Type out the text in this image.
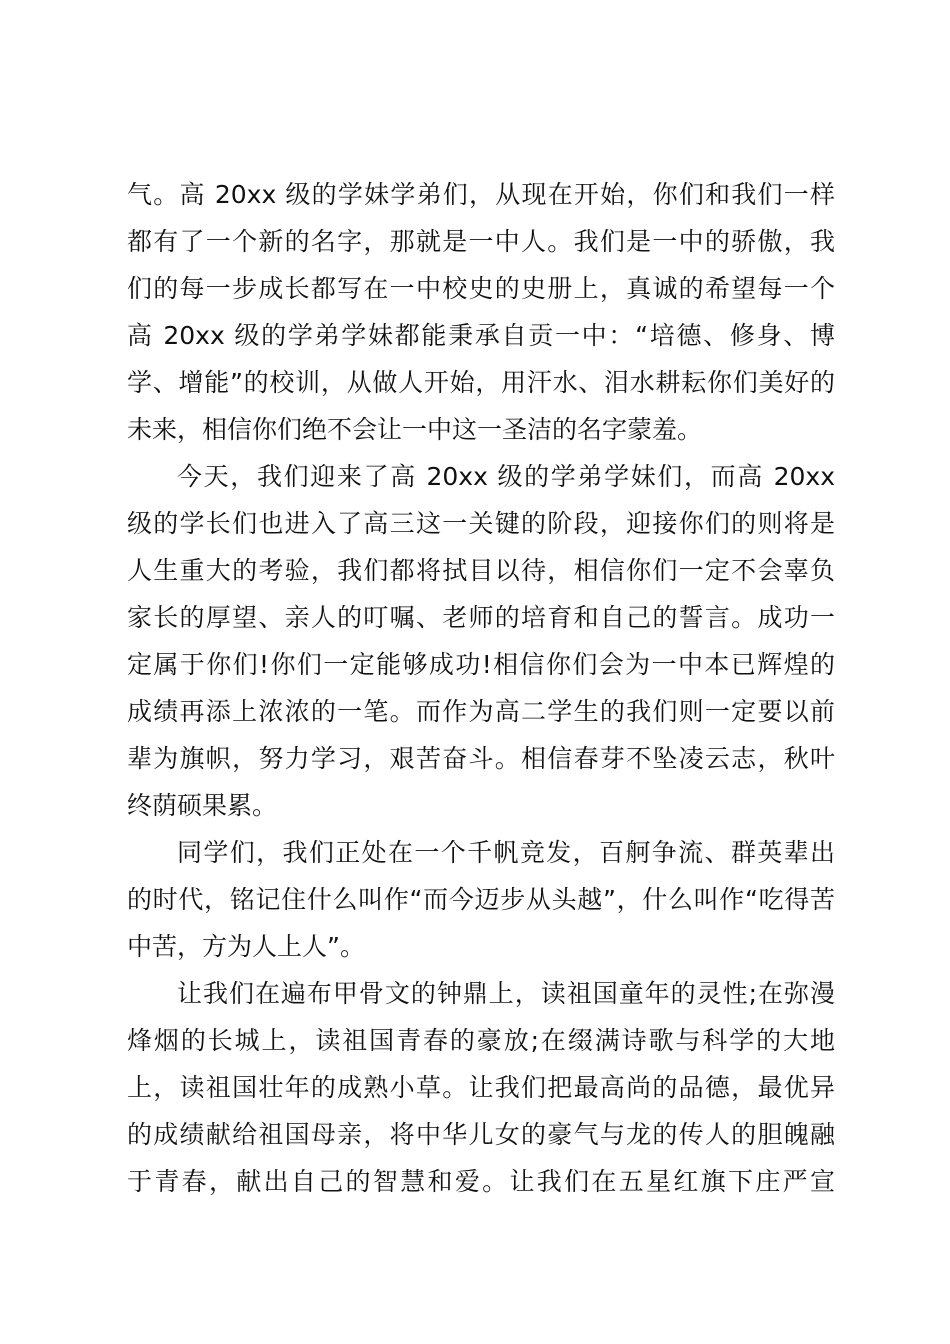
气。高 20xx 级的学妹学弟们，从现在开始，你们和我们一样
都有了一个新的名字，那就是一中人。我们是一中的骄傲，我
们的每一步成长都写在一中校史的史册上，真诚的希望每一个
高 20xx 级的学弟学妹都能秉承自贡一中：“培德、修身、博
学、增能”的校训，从做人开始，用汗水、泪水耕耘你们美好的
未来，相信你们绝不会让一中这一圣洁的名字蒙羞。
今天，我们迎来了高 20xx 级的学弟学妹们，而高 20xx
级的学长们也进入了高三这一关键的阶段，迎接你们的则将是
人生重大的考验，我们都将拭目以待，相信你们一定不会辜负
家长的厚望、亲人的叮嘱、老师的培育和自己的誓言。成功一
定属于你们!你们一定能够成功!相信你们会为一中本已辉煌的
成绩再添上浓浓的一笔。而作为高二学生的我们则一定要以前
辈为旗帜，努力学习，艰苦奋斗。相信春芽不坠凌云志，秋叶
终荫硕果累。
同学们，我们正处在一个千帆竞发，百舸争流、群英辈出
的时代，铭记住什么叫作“而今迈步从头越”，什么叫作“吃得苦
中苦，方为人上人”。
让我们在遍布甲骨文的钟鼎上，读祖国童年的灵性;在弥漫
烽烟的长城上，读祖国青春的豪放;在缀满诗歌与科学的大地
上，读祖国壮年的成熟小草。让我们把最高尚的品德，最优异
的成绩献给祖国母亲，将中华儿女的豪气与龙的传人的胆魄融
于青春，献出自己的智慧和爱。让我们在五星红旗下庄严宣
